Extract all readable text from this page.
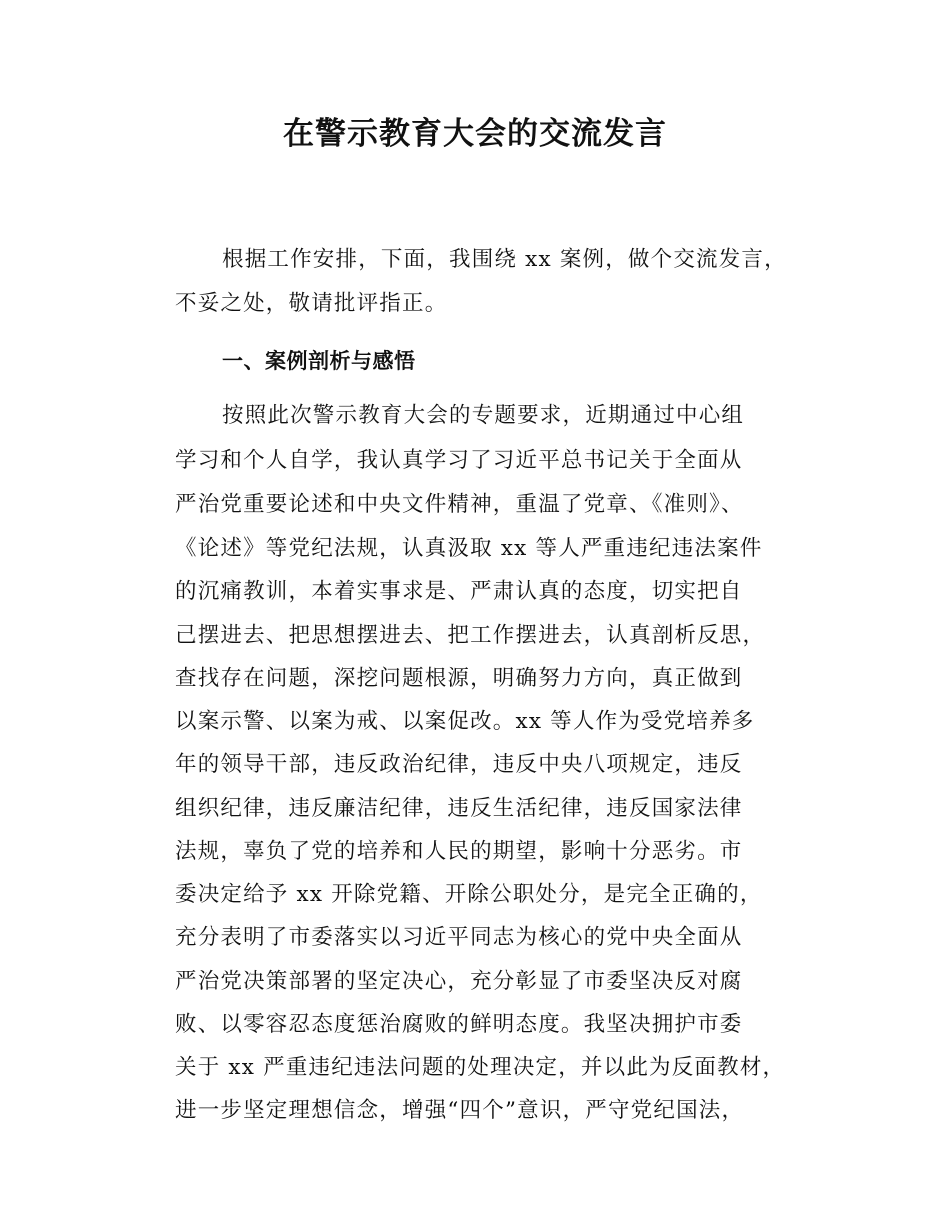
在警示教育大会的交流发言

根据工作安排，下面，我围绕 xx 案例，做个交流发言，

不妥之处，敬请批评指正。

一、案例剖析与感悟

按照此次警示教育大会的专题要求，近期通过中心组

学习和个人自学，我认真学习了习近平总书记关于全面从

严治党重要论述和中央文件精神，重温了党章、《准则》、

《论述》等党纪法规，认真汲取 xx 等人严重违纪违法案件

的沉痛教训，本着实事求是、严肃认真的态度，切实把自

己摆进去、把思想摆进去、把工作摆进去，认真剖析反思，

查找存在问题，深挖问题根源，明确努力方向，真正做到

以案示警、以案为戒、以案促改。xx 等人作为受党培养多

年的领导干部，违反政治纪律，违反中央八项规定，违反

组织纪律，违反廉洁纪律，违反生活纪律，违反国家法律

法规，辜负了党的培养和人民的期望，影响十分恶劣。市

委决定给予 xx 开除党籍、开除公职处分，是完全正确的，

充分表明了市委落实以习近平同志为核心的党中央全面从

严治党决策部署的坚定决心，充分彰显了市委坚决反对腐

败、以零容忍态度惩治腐败的鲜明态度。我坚决拥护市委

关于 xx 严重违纪违法问题的处理决定，并以此为反面教材，

进一步坚定理想信念，增强“四个”意识，严守党纪国法，
